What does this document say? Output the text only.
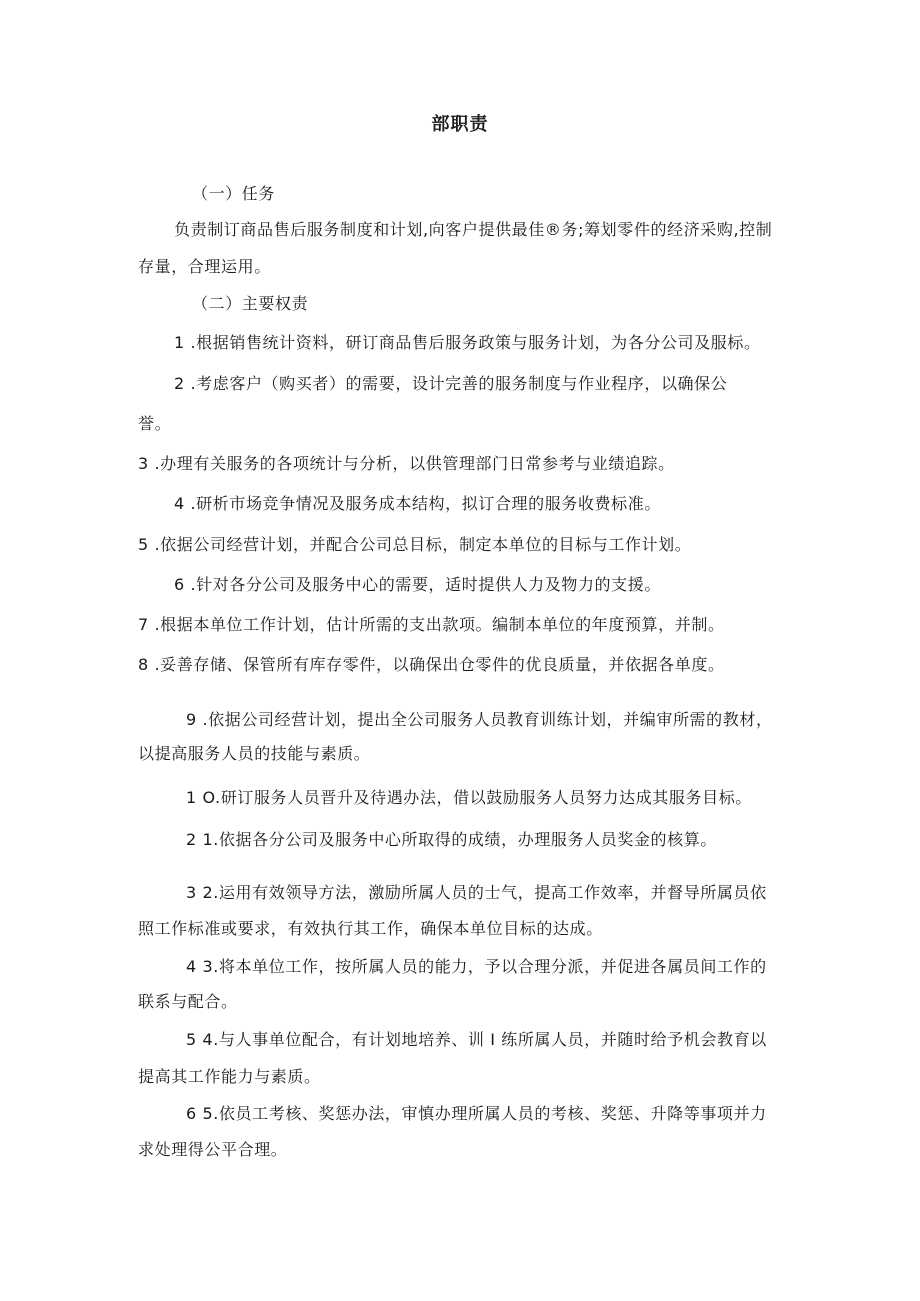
部职责
（一）任务
负责制订商品售后服务制度和计划,向客户提供最佳®务;筹划零件的经济采购,控制
存量，合理运用。
（二）主要权责
1 .根据销售统计资料，研订商品售后服务政策与服务计划，为各分公司及服标。
2 .考虑客户（购买者）的需要，设计完善的服务制度与作业程序，以确保公
誉。
3 .办理有关服务的各项统计与分析，以供管理部门日常参考与业绩追踪。
4 .研析市场竞争情况及服务成本结构，拟订合理的服务收费标准。
5 .依据公司经营计划，并配合公司总目标，制定本单位的目标与工作计划。
6 .针对各分公司及服务中心的需要，适时提供人力及物力的支援。
7 .根据本单位工作计划，估计所需的支出款项。编制本单位的年度预算，并制。
8 .妥善存储、保管所有库存零件，以确保出仓零件的优良质量，并依据各单度。
9 .依据公司经营计划，提出全公司服务人员教育训练计划，并编审所需的教材，
以提高服务人员的技能与素质。
1 O.研订服务人员晋升及待遇办法，借以鼓励服务人员努力达成其服务目标。
2 1.依据各分公司及服务中心所取得的成绩，办理服务人员奖金的核算。
3 2.运用有效领导方法，激励所属人员的士气，提高工作效率，并督导所属员依
照工作标准或要求，有效执行其工作，确保本单位目标的达成。
4 3.将本单位工作，按所属人员的能力，予以合理分派，并促进各属员间工作的
联系与配合。
5 4.与人事单位配合，有计划地培养、训 I 练所属人员，并随时给予机会教育以
提高其工作能力与素质。
6 5.依员工考核、奖惩办法，审慎办理所属人员的考核、奖惩、升降等事项并力
求处理得公平合理。
